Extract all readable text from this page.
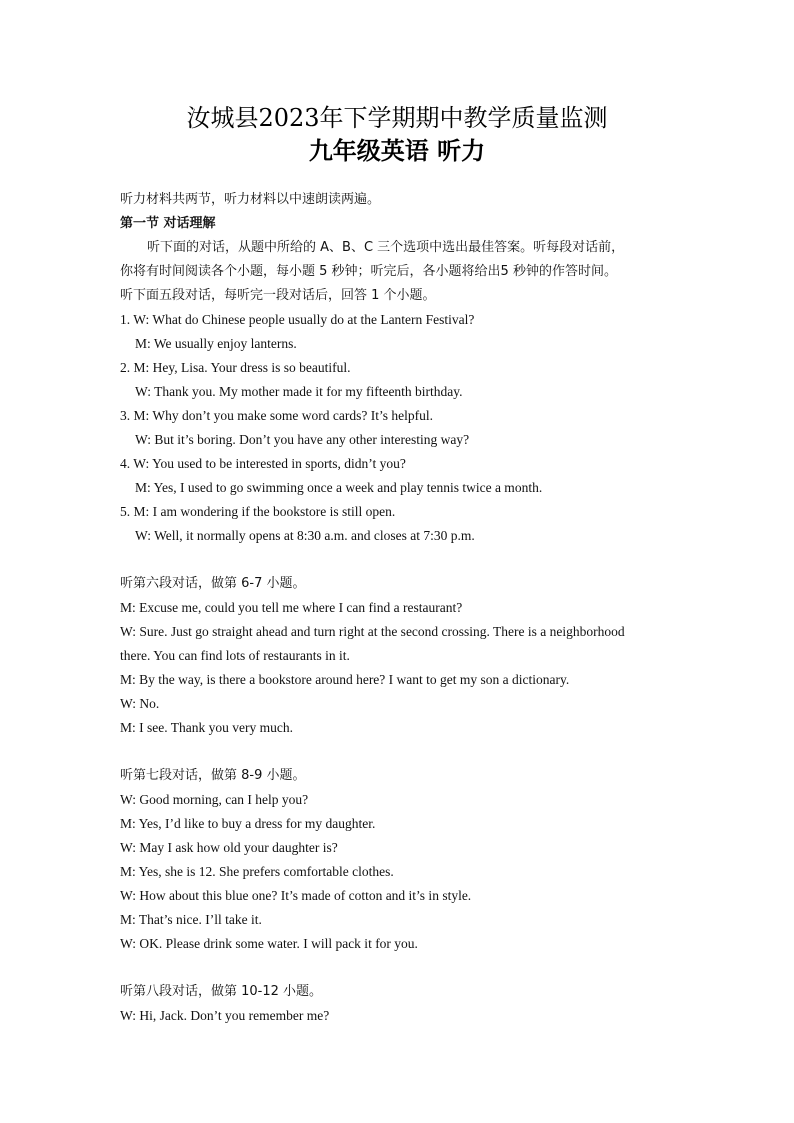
汝城县2023年下学期期中教学质量监测
九年级英语 听力
听力材料共两节，听力材料以中速朗读两遍。
第一节 对话理解
听下面的对话，从题中所给的 A、B、C 三个选项中选出最佳答案。听每段对话前，
你将有时间阅读各个小题，每小题 5 秒钟；听完后，各小题将给出5 秒钟的作答时间。
听下面五段对话，每听完一段对话后，回答 1 个小题。
1. W: What do Chinese people usually do at the Lantern Festival?
M: We usually enjoy lanterns.
2. M: Hey, Lisa. Your dress is so beautiful.
W: Thank you. My mother made it for my fifteenth birthday.
3. M: Why don’t you make some word cards? It’s helpful.
W: But it’s boring. Don’t you have any other interesting way?
4. W: You used to be interested in sports, didn’t you?
M: Yes, I used to go swimming once a week and play tennis twice a month.
5. M: I am wondering if the bookstore is still open.
W: Well, it normally opens at 8:30 a.m. and closes at 7:30 p.m.
听第六段对话，做第 6-7 小题。
M: Excuse me, could you tell me where I can find a restaurant?
W: Sure. Just go straight ahead and turn right at the second crossing. There is a neighborhood
there. You can find lots of restaurants in it.
M: By the way, is there a bookstore around here? I want to get my son a dictionary.
W: No.
M: I see. Thank you very much.
听第七段对话，做第 8-9 小题。
W: Good morning, can I help you?
M: Yes, I’d like to buy a dress for my daughter.
W: May I ask how old your daughter is?
M: Yes, she is 12. She prefers comfortable clothes.
W: How about this blue one? It’s made of cotton and it’s in style.
M: That’s nice. I’ll take it.
W: OK. Please drink some water. I will pack it for you.
听第八段对话，做第 10-12 小题。
W: Hi, Jack. Don’t you remember me?
